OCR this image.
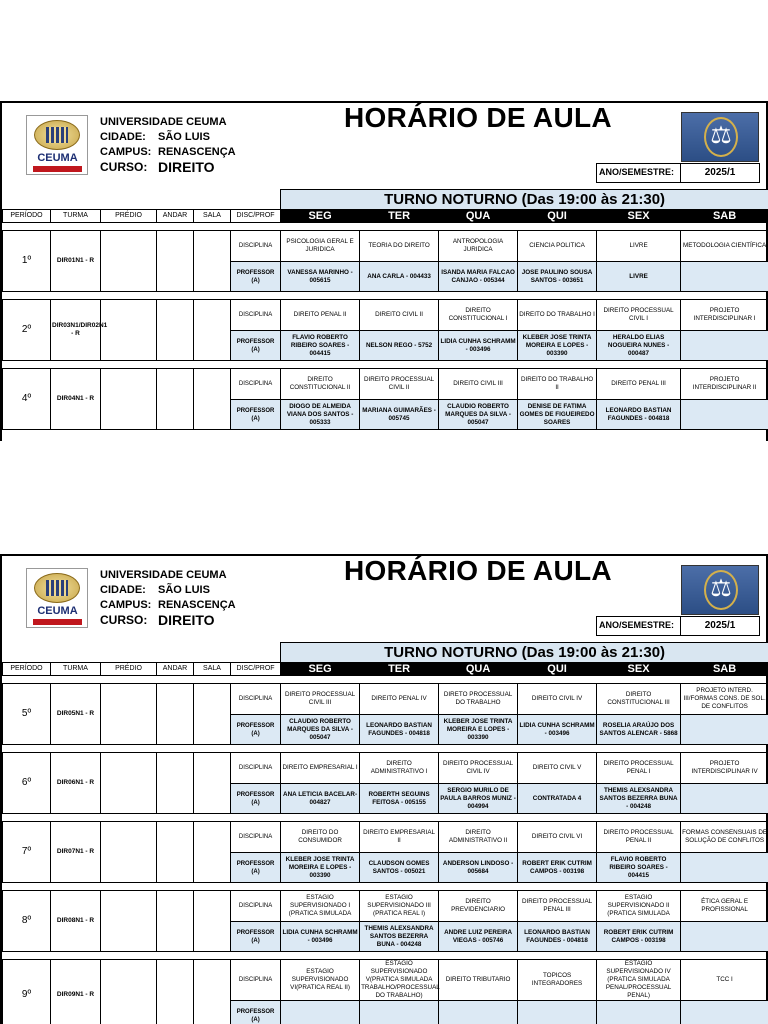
CEUMA
UNIVERSIDADE CEUMA
CIDADE:	SÃO LUIS
CAMPUS: RENASCENÇA
CURSO: DIREITO
HORÁRIO DE AULA
⚖
ANO/SEMESTRE:	2025/1
						TURNO NOTURNO (Das 19:00 às 21:30)					
PERÍODO	TURMA	PRÉDIO	ANDAR	SALA	DISC/PROF	SEG	TER	QUA	QUI	SEX	SAB

1º	DIR01N1 - R				DISCIPLINA	PSICOLOGIA GERAL E JURIDICA	TEORIA DO DIREITO	ANTROPOLOGIA JURIDICA	CIENCIA POLITICA	LIVRE	METODOLOGIA CIENTÍFICA
					PROFESSOR (A)	VANESSA MARINHO - 005615	ANA CARLA - 004433	ISANDA MARIA FALCAO CANJAO - 005344	JOSE PAULINO SOUSA SANTOS - 003651	LIVRE	

2º	DIR03N1/DIR02N1 - R				DISCIPLINA	DIREITO PENAL II	DIREITO CIVIL II	DIREITO CONSTITUCIONAL I	DIREITO DO TRABALHO I	DIREITO PROCESSUAL CIVIL I	PROJETO INTERDISCIPLINAR I
					PROFESSOR (A)	FLAVIO ROBERTO RIBEIRO SOARES - 004415	NELSON REGO - 5752	LIDIA CUNHA SCHRAMM - 003496	KLEBER JOSE TRINTA MOREIRA E LOPES - 003390	HERALDO ELIAS NOGUEIRA NUNES - 000487	

4º	DIR04N1 - R				DISCIPLINA	DIREITO CONSTITUCIONAL II	DIREITO PROCESSUAL CIVIL II	DIREITO CIVIL III	DIREITO DO TRABALHO II	DIREITO PENAL III	PROJETO INTERDISCIPLINAR II
					PROFESSOR (A)	DIOGO DE ALMEIDA VIANA DOS SANTOS - 005333	MARIANA GUIMARÃES - 005745	CLAUDIO ROBERTO MARQUES DA SILVA - 005047	DENISE DE FATIMA GOMES DE FIGUEIREDO SOARES	LEONARDO BASTIAN FAGUNDES - 004818	
CEUMA
UNIVERSIDADE CEUMA
CIDADE:	SÃO LUIS
CAMPUS: RENASCENÇA
CURSO: DIREITO
HORÁRIO DE AULA
⚖
ANO/SEMESTRE:	2025/1
						TURNO NOTURNO (Das 19:00 às 21:30)					
PERÍODO	TURMA	PRÉDIO	ANDAR	SALA	DISC/PROF	SEG	TER	QUA	QUI	SEX	SAB

5º	DIR05N1 - R				DISCIPLINA	DIREITO PROCESSUAL CIVIL III	DIREITO PENAL IV	DIRETO PROCESSUAL DO TRABALHO	DIREITO CIVIL IV	DIREITO CONSTITUCIONAL III	PROJETO INTERD. III/FORMAS CONS. DE SOL. DE CONFLITOS
					PROFESSOR (A)	CLAUDIO ROBERTO MARQUES DA SILVA - 005047	LEONARDO BASTIAN FAGUNDES - 004818	KLEBER JOSE TRINTA MOREIRA E LOPES - 003390	LIDIA CUNHA SCHRAMM - 003496	ROSELIA ARAÚJO DOS SANTOS ALENCAR - 5868	

6º	DIR06N1 - R				DISCIPLINA	DIREITO EMPRESARIAL I	DIREITO ADMINISTRATIVO I	DIREITO PROCESSUAL CIVIL IV	DIREITO CIVIL V	DIREITO PROCESSUAL PENAL I	PROJETO INTERDISCIPLINAR IV
					PROFESSOR (A)	ANA LETICIA BACELAR- 004827	ROBERTH SEGUINS FEITOSA - 005155	SERGIO MURILO DE PAULA BARROS MUNIZ - 004994	CONTRATADA 4	THEMIS ALEXSANDRA SANTOS BEZERRA BUNA - 004248	

7º	DIR07N1 - R				DISCIPLINA	DIREITO DO CONSUMIDOR	DIREITO EMPRESARIAL II	DIREITO ADMINISTRATIVO II	DIREITO CIVIL VI	DIREITO PROCESSUAL PENAL II	FORMAS CONSENSUAIS DE SOLUÇÃO DE CONFLITOS
					PROFESSOR (A)	KLEBER JOSE TRINTA MOREIRA E LOPES - 003390	CLAUDSON GOMES SANTOS - 005021	ANDERSON LINDOSO - 005684	ROBERT ERIK CUTRIM CAMPOS - 003198	FLAVIO ROBERTO RIBEIRO SOARES - 004415	

8º	DIR08N1 - R				DISCIPLINA	ESTAGIO SUPERVISIONADO I (PRATICA SIMULADA	ESTAGIO SUPERVISIONADO III (PRATICA REAL I)	DIREITO PREVIDENCIARIO	DIREITO PROCESSUAL PENAL III	ESTAGIO SUPERVISIONADO II (PRATICA SIMULADA	ÉTICA GERAL E PROFISSIONAL
					PROFESSOR (A)	LIDIA CUNHA SCHRAMM - 003496	THEMIS ALEXSANDRA SANTOS BEZERRA BUNA - 004248	ANDRE LUIZ PEREIRA VIEGAS - 005746	LEONARDO BASTIAN FAGUNDES - 004818	ROBERT ERIK CUTRIM CAMPOS - 003198	

9º	DIR09N1 - R				DISCIPLINA	ESTAGIO SUPERVISIONADO VI(PRATICA REAL II)	ESTAGIO SUPERVISIONADO V(PRATICA SIMULADA TRABALHO/PROCESSUAL DO TRABALHO)	DIREITO TRIBUTARIO	TOPICOS INTEGRADORES	ESTAGIO SUPERVISIONADO IV (PRATICA SIMULADA PENAL/PROCESSUAL PENAL)	TCC I
					PROFESSOR (A)						
